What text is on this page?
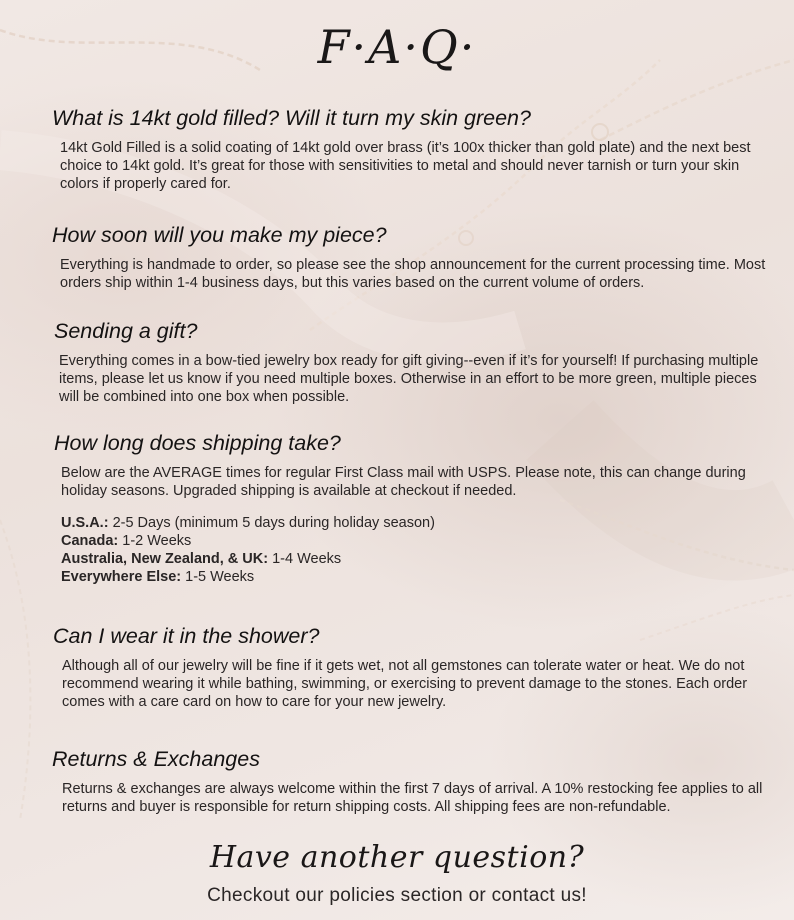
F·A·Q·
What is 14kt gold filled? Will it turn my skin green?
14kt Gold Filled is a solid coating of 14kt gold over brass (it’s 100x thicker than gold plate) and the next best choice to 14kt gold. It’s great for those with sensitivities to metal and should never tarnish or turn your skin colors if properly cared for.
How soon will you make my piece?
Everything is handmade to order, so please see the shop announcement for the current processing time. Most orders ship within 1-4 business days, but this varies based on the current volume of orders.
Sending a gift?
Everything comes in a bow-tied jewelry box ready for gift giving--even if it’s for yourself! If purchasing multiple items, please let us know if you need multiple boxes. Otherwise in an effort to be more green, multiple pieces will be combined into one box when possible.
How long does shipping take?
Below are the AVERAGE times for regular First Class mail with USPS. Please note, this can change during holiday seasons. Upgraded shipping is available at checkout if needed.
U.S.A.: 2-5 Days (minimum 5 days during holiday season)
Canada: 1-2 Weeks
Australia, New Zealand, & UK: 1-4 Weeks
Everywhere Else: 1-5 Weeks
Can I wear it in the shower?
Although all of our jewelry will be fine if it gets wet, not all gemstones can tolerate water or heat. We do not recommend wearing it while bathing, swimming, or exercising to prevent damage to the stones. Each order comes with a care card on how to care for your new jewelry.
Returns & Exchanges
Returns & exchanges are always welcome within the first 7 days of arrival. A 10% restocking fee applies to all returns and buyer is responsible for return shipping costs. All shipping fees are non-refundable.
Have another question?
Checkout our policies section or contact us!
